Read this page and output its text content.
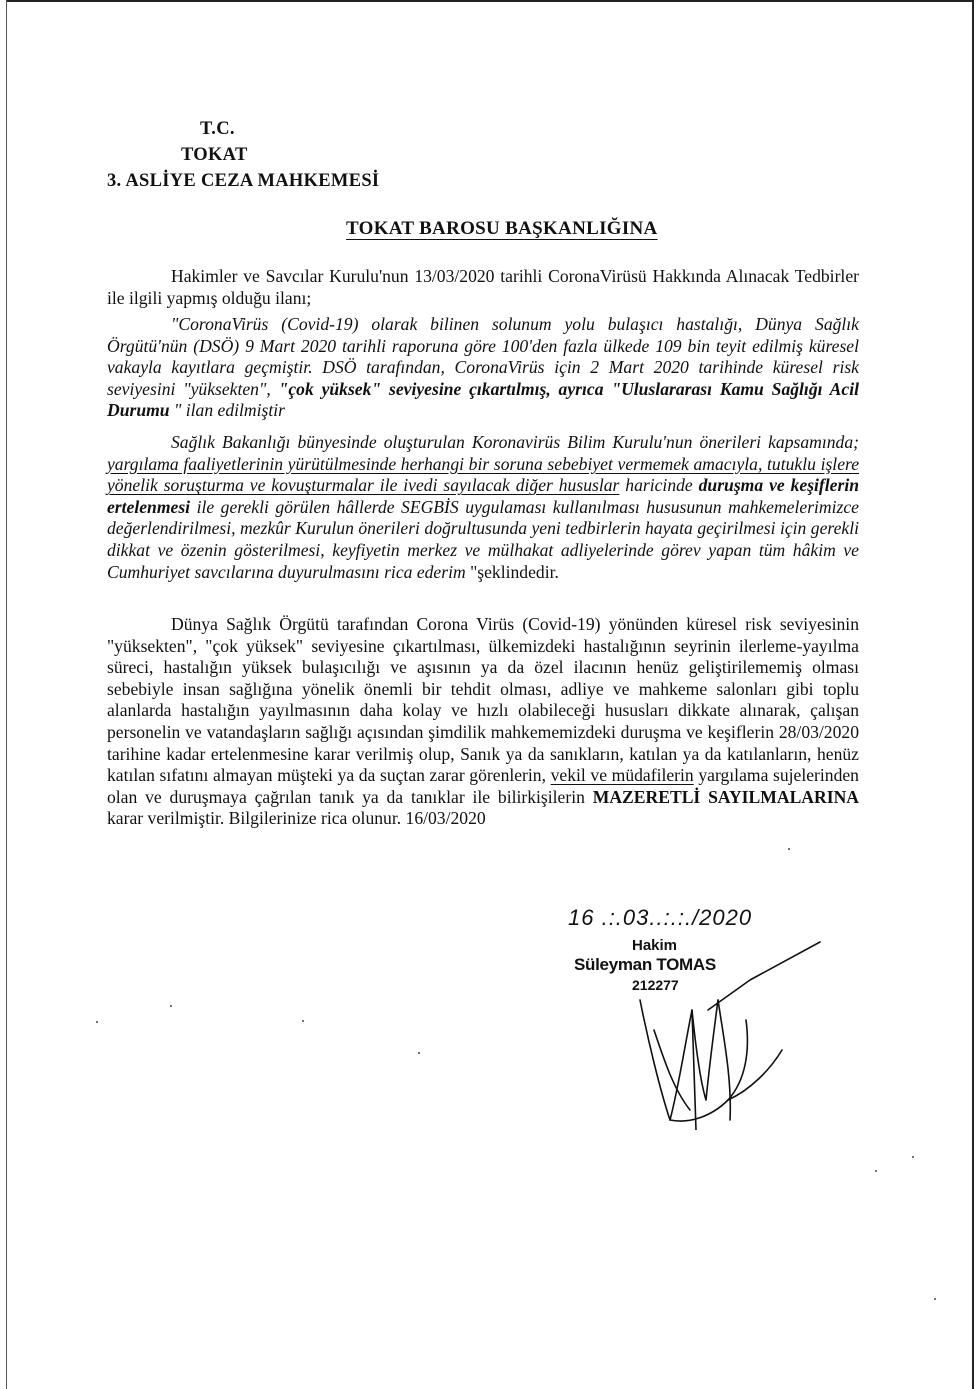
T.C.
TOKAT
3. ASLİYE CEZA MAHKEMESİ
TOKAT BAROSU BAŞKANLIĞINA
Hakimler ve Savcılar Kurulu'nun 13/03/2020 tarihli CoronaVirüsü Hakkında Alınacak Tedbirler ile ilgili yapmış olduğu ilanı;
"CoronaVirüs (Covid-19) olarak bilinen solunum yolu bulaşıcı hastalığı, Dünya Sağlık Örgütü'nün (DSÖ) 9 Mart 2020 tarihli raporuna göre 100'den fazla ülkede 109 bin teyit edilmiş küresel vakayla kayıtlara geçmiştir. DSÖ tarafından, CoronaVirüs için 2 Mart 2020 tarihinde küresel risk seviyesini "yüksekten", "çok yüksek" seviyesine çıkartılmış, ayrıca "Uluslararası Kamu Sağlığı Acil Durumu " ilan edilmiştir
Sağlık Bakanlığı bünyesinde oluşturulan Koronavirüs Bilim Kurulu'nun önerileri kapsamında; yargılama faaliyetlerinin yürütülmesinde herhangi bir soruna sebebiyet vermemek amacıyla, tutuklu işlere yönelik soruşturma ve kovuşturmalar ile ivedi sayılacak diğer hususlar haricinde duruşma ve keşiflerin ertelenmesi ile gerekli görülen hâllerde SEGBİS uygulaması kullanılması hususunun mahkemelerimizce değerlendirilmesi, mezkûr Kurulun önerileri doğrultusunda yeni tedbirlerin hayata geçirilmesi için gerekli dikkat ve özenin gösterilmesi, keyfiyetin merkez ve mülhakat adliyelerinde görev yapan tüm hâkim ve Cumhuriyet savcılarına duyurulmasını rica ederim "şeklindedir.
Dünya Sağlık Örgütü tarafından Corona Virüs (Covid-19) yönünden küresel risk seviyesinin "yüksekten", "çok yüksek" seviyesine çıkartılması, ülkemizdeki hastalığının seyrinin ilerleme-yayılma süreci, hastalığın yüksek bulaşıcılığı ve aşısının ya da özel ilacının henüz geliştirilememiş olması sebebiyle insan sağlığına yönelik önemli bir tehdit olması, adliye ve mahkeme salonları gibi toplu alanlarda hastalığın yayılmasının daha kolay ve hızlı olabileceği hususları dikkate alınarak, çalışan personelin ve vatandaşların sağlığı açısından şimdilik mahkememizdeki duruşma ve keşiflerin 28/03/2020 tarihine kadar ertelenmesine karar verilmiş olup, Sanık ya da sanıkların, katılan ya da katılanların, henüz katılan sıfatını almayan müşteki ya da suçtan zarar görenlerin, vekil ve müdafilerin yargılama sujelerinden olan ve duruşmaya çağrılan tanık ya da tanıklar ile bilirkişilerin MAZERETLİ SAYILMALARINA karar verilmiştir. Bilgilerinize rica olunur. 16/03/2020
16 .:.03..:.:./2020
Hakim
Süleyman TOMAS
212277
